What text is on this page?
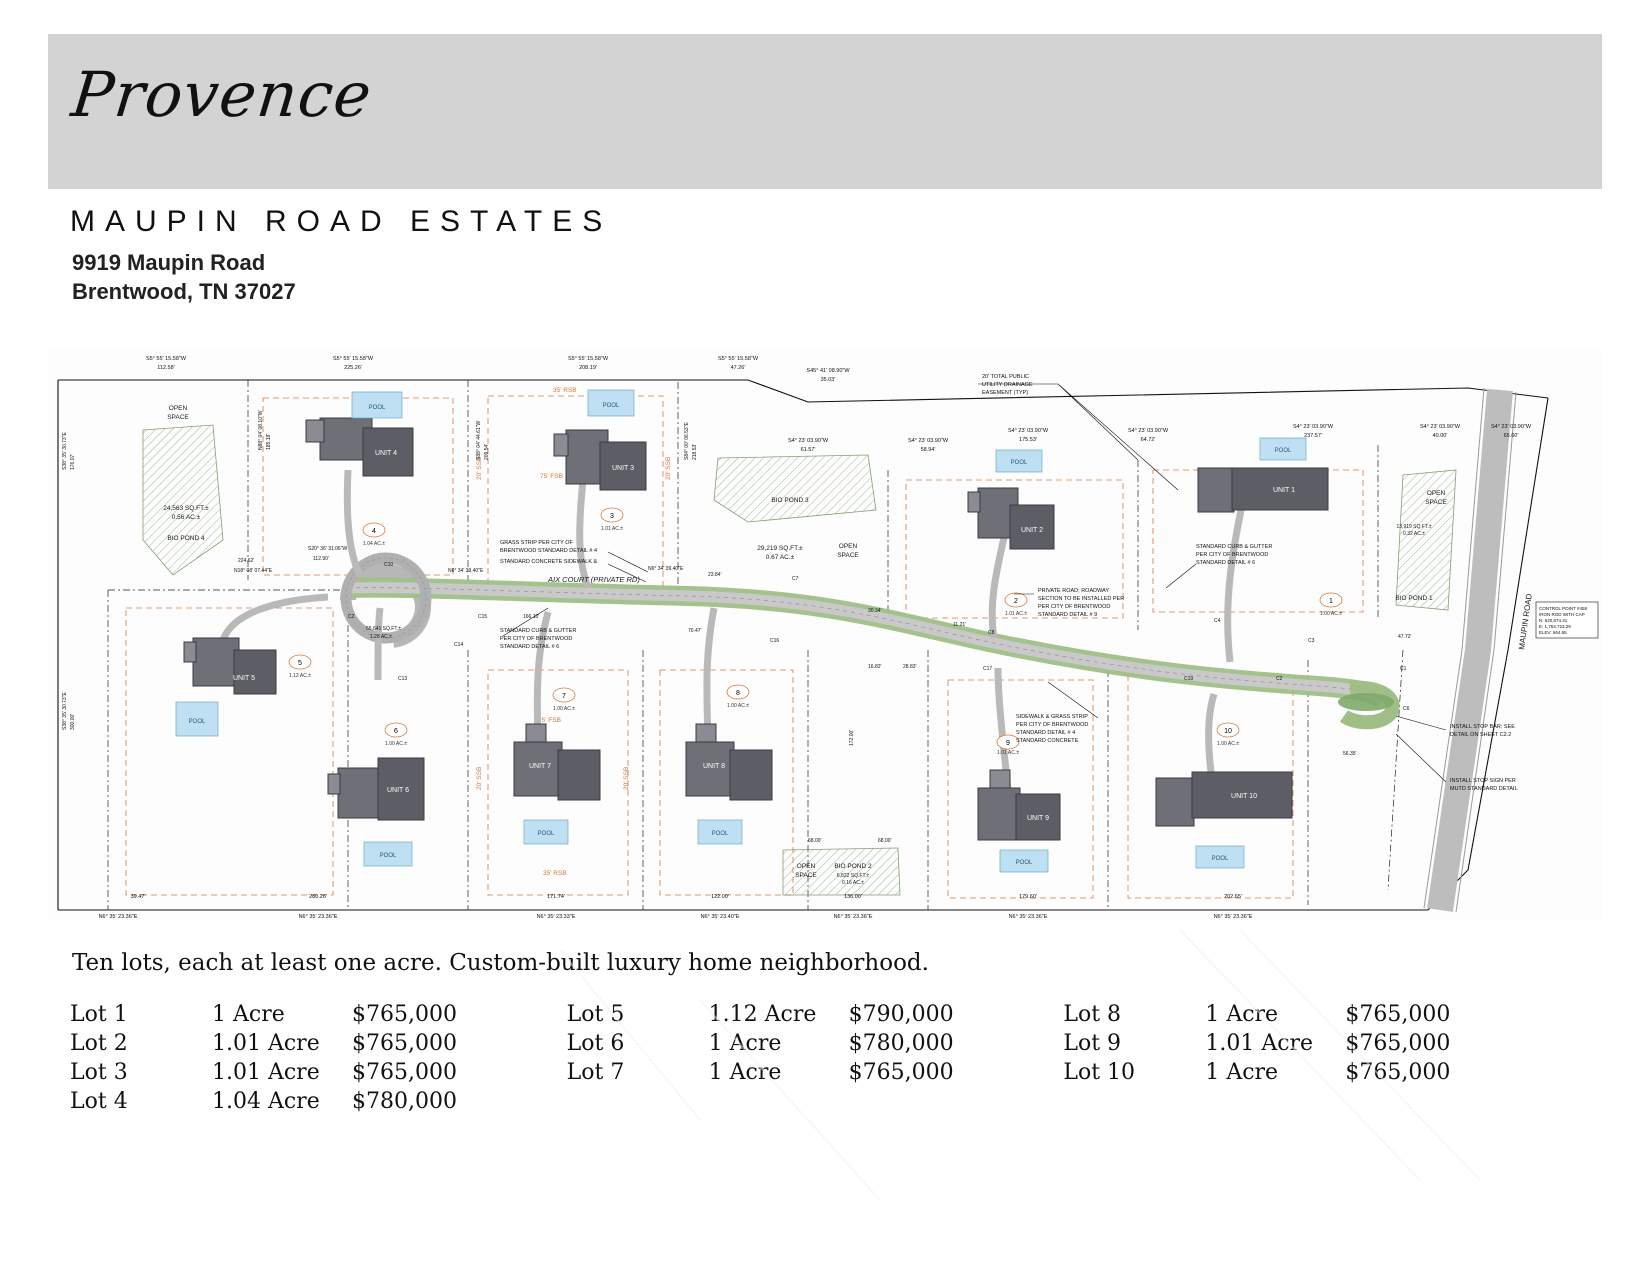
Provence
MAUPIN ROAD ESTATES
9919 Maupin Road
Brentwood, TN 37027
MAUPIN ROAD
35' RSB
20' SSB	20' SSB
75' FSB
75' FSB
20' SSB	20' SSB
35' RSB
OPEN
SPACE
24,563 SQ.FT.±
0.56 AC.±
BIO POND 4
BIO POND 3
29,219 SQ.FT.±
0.67 AC.±
OPEN
SPACE
OPEN
SPACE
13,919 SQ.FT.±
0.32 AC.±
BIO POND 1
OPEN
SPACE
BIO POND 2
6,822 SQ.FT.±
0.16 AC.±
AIX COURT (PRIVATE RD)
UNIT 4
UNIT 3
UNIT 2
UNIT 1
UNIT 5
UNIT 6
UNIT 7	UNIT 8
UNIT 9
UNIT 10
POOL	POOL
POOL
POOL
POOL
POOL
POOL	POOL
POOL
POOL
1
1.00 AC.±
2
1.01 AC.±
3
1.01 AC.±
4
1.04 AC.±
5
1.12 AC.±
6
1.00 AC.±
7
1.00 AC.±
8
1.00 AC.±
9
1.01 AC.±
10
1.00 AC.±
S5° 55' 15.58"W
112.58'
S5° 55' 15.58"W
225.26'
S5° 55' 15.58"W
208.19'
S5° 55' 15.58"W
47.26'	S45° 41' 08.90"W
35.03'
S4° 23' 03.90"W
61.57'
S4° 23' 03.90"W
58.94'
S4° 23' 03.90"W
175.53'
S4° 23' 03.90"W
64.72'
S4° 23' 03.90"W
237.57'
S4° 23' 03.90"W
40.00'
S4° 23' 03.90"W
65.60'
39.47'
N6° 35' 23.36"E
280.26'
N6° 35' 23.36"E
171.74'
N6° 35' 23.33"E
122.00'
N6° 35' 23.40"E
136.00'
N6° 35' 23.36"E
179.60'
N6° 35' 23.36"E
202.65'
N6° 35' 23.36"E
166.10'
N6° 34' 39.40"E
23.84'
70.47'
N6° 34' 39.40"E
172.00'
68.00'	68.00'
56.35'
47.72'
30.34'
11.21'
16.82'	28.83'
55,641 SQ.FT.±
1.28 AC.±
224.62'
N18° 08' 07.44"E
S20° 36' 31.06"W
112.90'
C10
C13
C14
C15
C7
C16
C8
C17
C19
C4
C3
C2
C1
C6
C2
20' TOTAL PUBLIC
UTILITY DRAINAGE
EASEMENT (TYP)
GRASS STRIP PER CITY OF
BRENTWOOD STANDARD DETAIL # 4
STANDARD CONCRETE SIDEWALK &
STANDARD CURB & GUTTER
PER CITY OF BRENTWOOD
STANDARD DETAIL # 6
STANDARD CURB & GUTTER
PER CITY OF BRENTWOOD
STANDARD DETAIL # 6
PRIVATE ROAD; ROADWAY
SECTION TO BE INSTALLED PER
PER CITY OF BRENTWOOD
STANDARD DETAIL # 9
SIDEWALK & GRASS STRIP
PER CITY OF BRENTWOOD
STANDARD DETAIL # 4
STANDARD CONCRETE
INSTALL STOP BAR; SEE
DETAIL ON SHEET C2.2
INSTALL STOP SIGN PER
MUTD STANDARD DETAIL
CONTROL POINT #458
IRON ROD WITH CAP
N: 620,574.31
E: 1,763,723.29
ELEV: 664.65
S38° 35' 30.73"E 176.07'
S38° 35' 30.73"E 300.00'
N88° 04' 08.10"W 185.18'	S88° 04' 44.61"W 209.54'	S84° 00' 06.53"E 218.53'
Ten lots, each at least one acre. Custom-built luxury home neighborhood.
Lot 1	1 Acre	$765,000
Lot 2	1.01 Acre	$765,000
Lot 3	1.01 Acre	$765,000
Lot 4	1.04 Acre	$780,000
Lot 5	1.12 Acre	$790,000
Lot 6	1 Acre	$780,000
Lot 7	1 Acre	$765,000
Lot 8	1 Acre	$765,000
Lot 9	1.01 Acre	$765,000
Lot 10	1 Acre	$765,000
